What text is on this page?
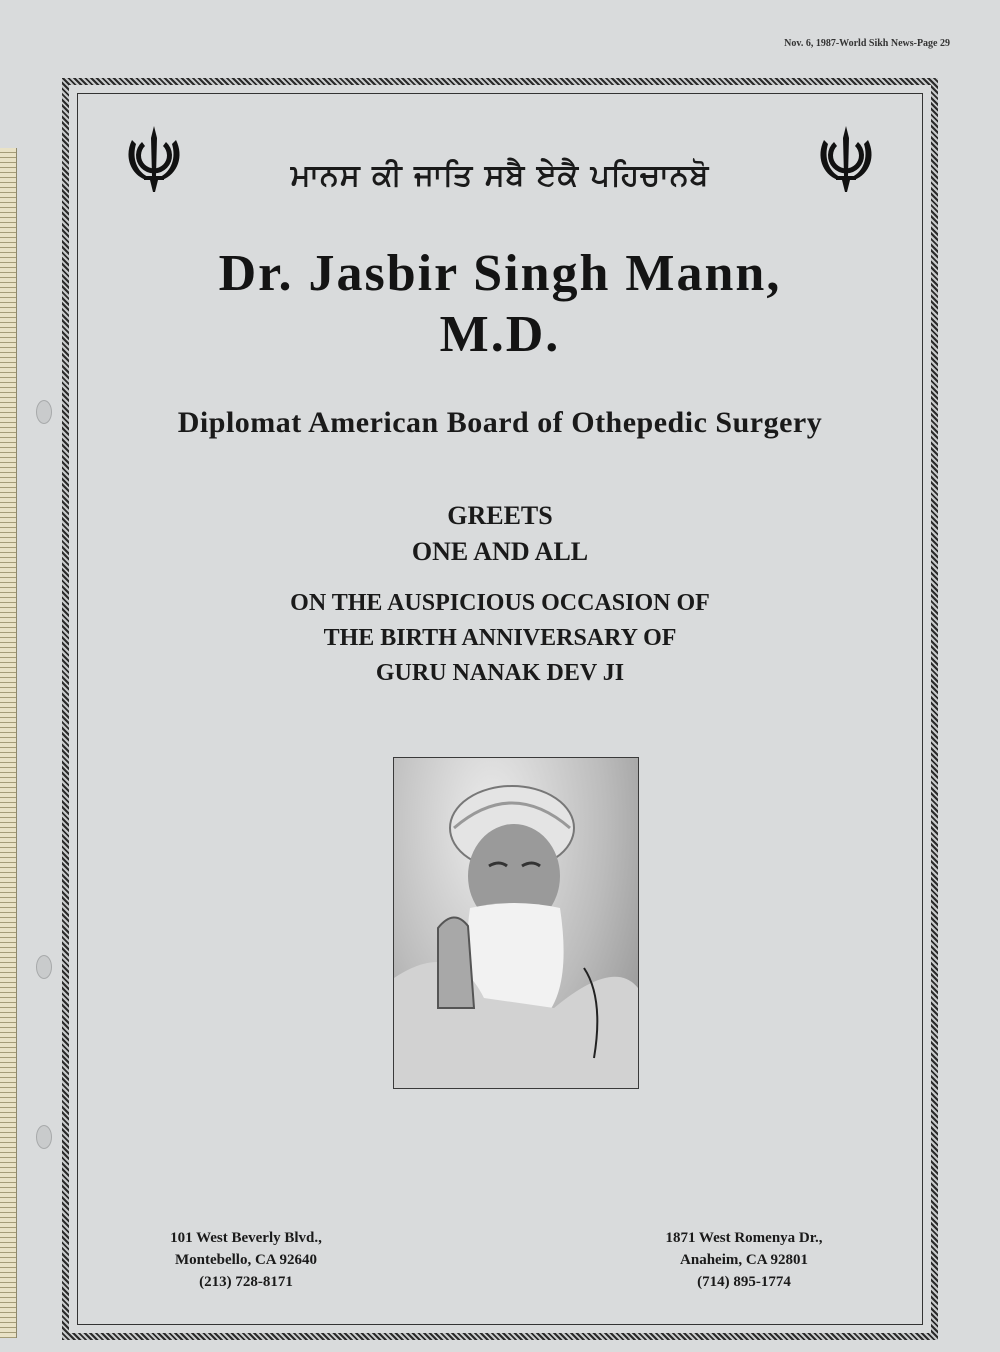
Nov. 6, 1987-World Sikh News-Page 29
ਮਾਨਸ ਕੀ ਜਾਤਿ ਸਬੈ ਏਕੈ ਪਹਿਚਾਨਬੋ
Dr. Jasbir Singh Mann,
M.D.
Diplomat American Board of Othepedic Surgery
GREETS
ONE AND ALL
ON THE AUSPICIOUS OCCASION OF
THE BIRTH ANNIVERSARY OF
GURU NANAK DEV JI
101 West Beverly Blvd.,
Montebello, CA 92640
(213) 728-8171
1871 West Romenya Dr.,
Anaheim, CA 92801
(714) 895-1774
